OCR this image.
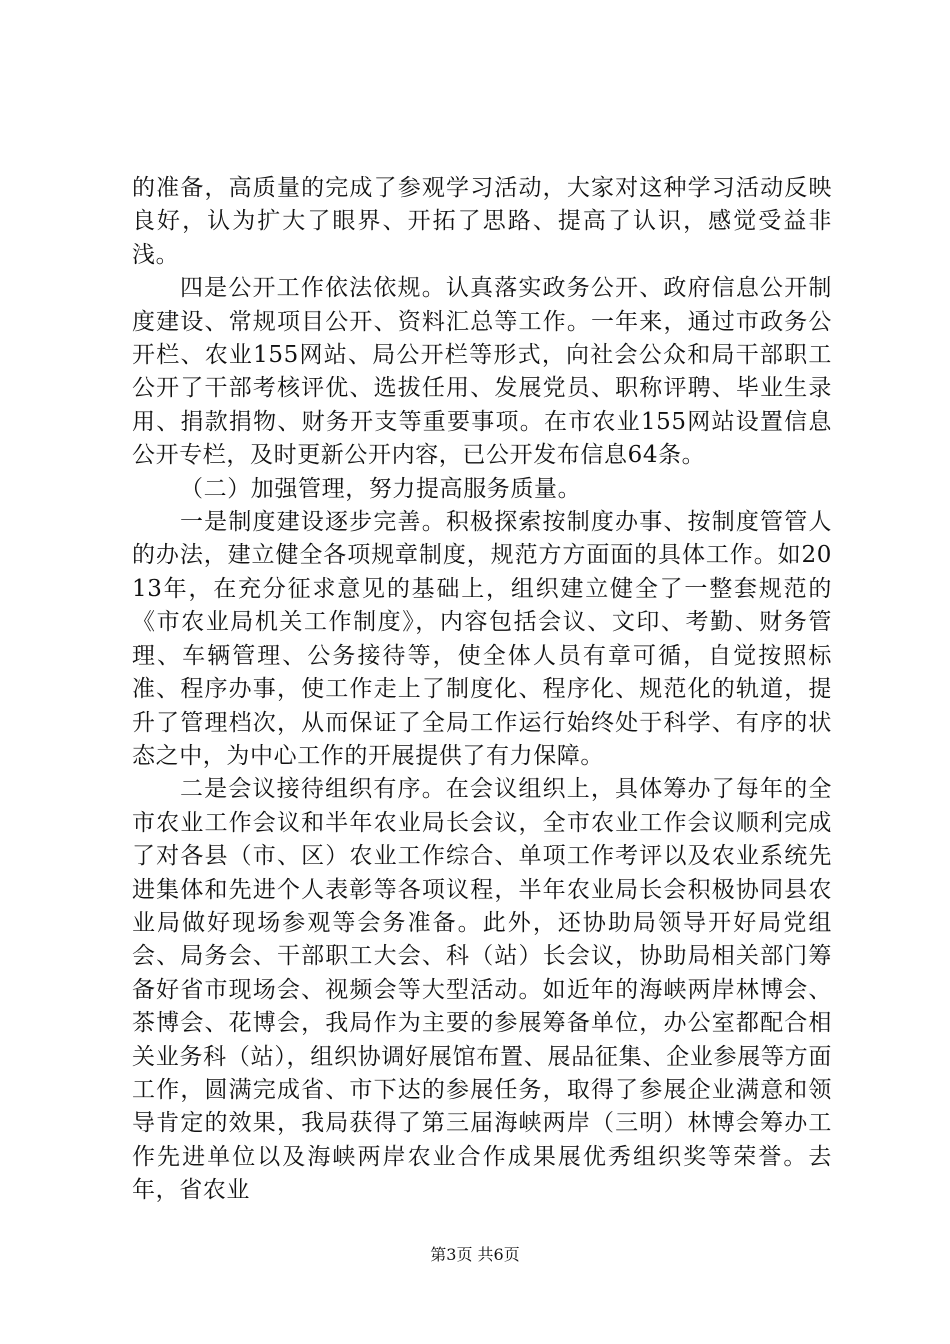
的准备，高质量的完成了参观学习活动，大家对这种学习活动反映良好，认为扩大了眼界、开拓了思路、提高了认识，感觉受益非浅。

四是公开工作依法依规。认真落实政务公开、政府信息公开制度建设、常规项目公开、资料汇总等工作。一年来，通过市政务公开栏、农业155网站、局公开栏等形式，向社会公众和局干部职工公开了干部考核评优、选拔任用、发展党员、职称评聘、毕业生录用、捐款捐物、财务开支等重要事项。在市农业155网站设置信息公开专栏，及时更新公开内容，已公开发布信息64条。

（二）加强管理，努力提高服务质量。

一是制度建设逐步完善。积极探索按制度办事、按制度管管人的办法，建立健全各项规章制度，规范方方面面的具体工作。如2013年，在充分征求意见的基础上，组织建立健全了一整套规范的《市农业局机关工作制度》，内容包括会议、文印、考勤、财务管理、车辆管理、公务接待等，使全体人员有章可循，自觉按照标准、程序办事，使工作走上了制度化、程序化、规范化的轨道，提升了管理档次，从而保证了全局工作运行始终处于科学、有序的状态之中，为中心工作的开展提供了有力保障。

二是会议接待组织有序。在会议组织上，具体筹办了每年的全市农业工作会议和半年农业局长会议，全市农业工作会议顺利完成了对各县（市、区）农业工作综合、单项工作考评以及农业系统先进集体和先进个人表彰等各项议程，半年农业局长会积极协同县农业局做好现场参观等会务准备。此外，还协助局领导开好局党组会、局务会、干部职工大会、科（站）长会议，协助局相关部门筹备好省市现场会、视频会等大型活动。如近年的海峡两岸林博会、茶博会、花博会，我局作为主要的参展筹备单位，办公室都配合相关业务科（站），组织协调好展馆布置、展品征集、企业参展等方面工作，圆满完成省、市下达的参展任务，取得了参展企业满意和领导肯定的效果，我局获得了第三届海峡两岸（三明）林博会筹办工作先进单位以及海峡两岸农业合作成果展优秀组织奖等荣誉。去年，省农业

第3页 共6页
